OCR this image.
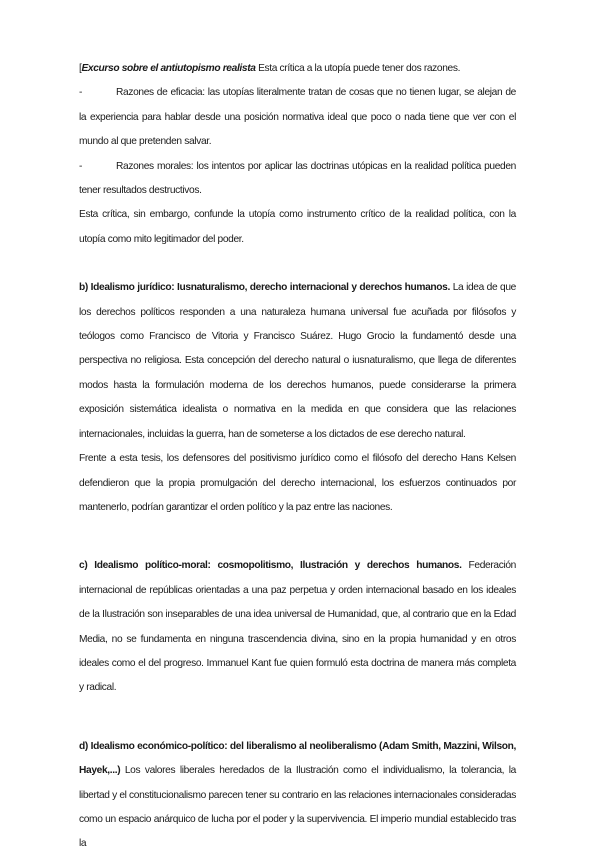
[Excurso sobre el antiutopismo realista Esta crítica a la utopía puede tener dos razones.

-	Razones de eficacia: las utopías literalmente tratan de cosas que no tienen lugar, se alejan de la experiencia para hablar desde una posición normativa ideal que poco o nada tiene que ver con el mundo al que pretenden salvar.

-	Razones morales: los intentos por aplicar las doctrinas utópicas en la realidad política pueden tener resultados destructivos.

Esta crítica, sin embargo, confunde la utopía como instrumento crítico de la realidad política, con la utopía como mito legitimador del poder.

b) Idealismo jurídico: Iusnaturalismo, derecho internacional y derechos humanos. La idea de que los derechos políticos responden a una naturaleza humana universal fue acuñada por filósofos y teólogos como Francisco de Vitoria y Francisco Suárez. Hugo Grocio la fundamentó desde una perspectiva no religiosa. Esta concepción del derecho natural o iusnaturalismo, que llega de diferentes modos hasta la formulación moderna de los derechos humanos, puede considerarse la primera exposición sistemática idealista o normativa en la medida en que considera que las relaciones internacionales, incluidas la guerra, han de someterse a los dictados de ese derecho natural.

Frente a esta tesis, los defensores del positivismo jurídico como el filósofo del derecho Hans Kelsen defendieron que la propia promulgación del derecho internacional, los esfuerzos continuados por mantenerlo, podrían garantizar el orden político y la paz entre las naciones.

c) Idealismo político-moral: cosmopolitismo, Ilustración y derechos humanos. Federación internacional de repúblicas orientadas a una paz perpetua y orden internacional basado en los ideales de la Ilustración son inseparables de una idea universal de Humanidad, que, al contrario que en la Edad Media, no se fundamenta en ninguna trascendencia divina, sino en la propia humanidad y en otros ideales como el del progreso. Immanuel Kant fue quien formuló esta doctrina de manera más completa y radical.

d) Idealismo económico-político: del liberalismo al neoliberalismo (Adam Smith, Mazzini, Wilson, Hayek,...) Los valores liberales heredados de la Ilustración como el individualismo, la tolerancia, la libertad y el constitucionalismo parecen tener su contrario en las relaciones internacionales consideradas como un espacio anárquico de lucha por el poder y la supervivencia. El imperio mundial establecido tras la
